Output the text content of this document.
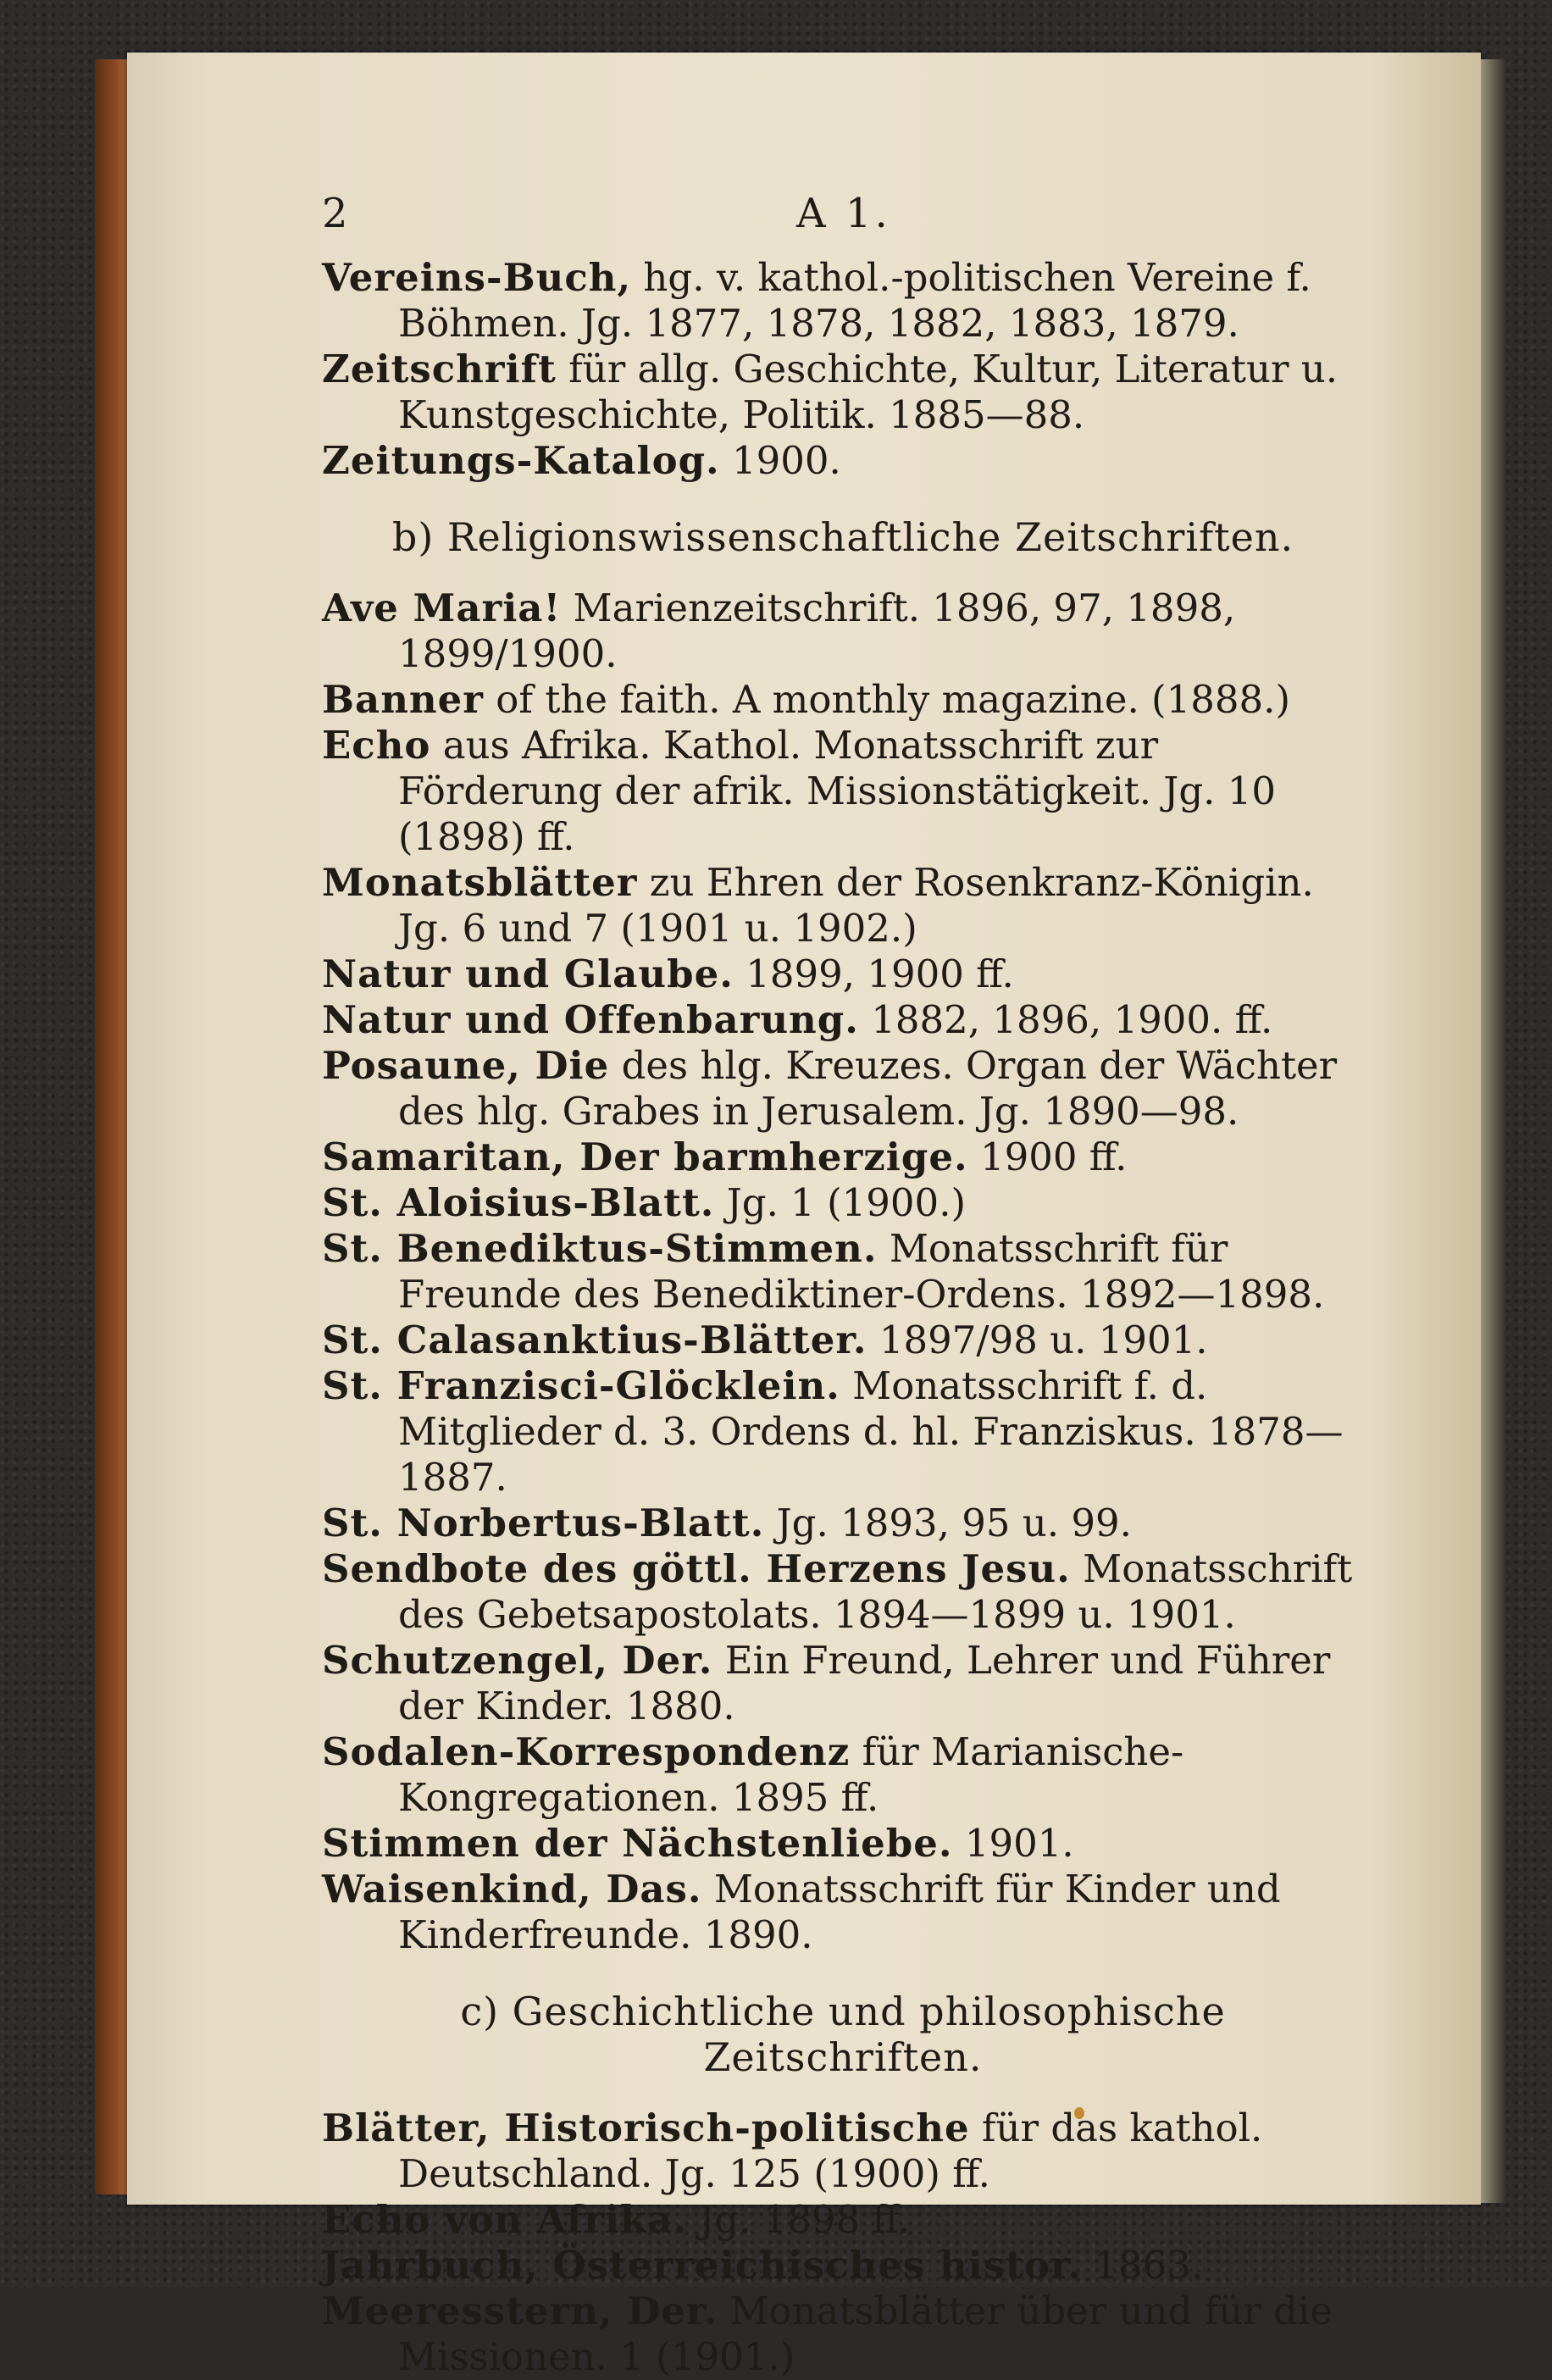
2	A 1.

Vereins-Buch, hg. v. kathol.-politischen Vereine f. Böhmen. Jg. 1877, 1878, 1882, 1883, 1879.

Zeitschrift für allg. Geschichte, Kultur, Literatur u. Kunstgeschichte, Politik. 1885—88.

Zeitungs-Katalog. 1900.

b) Religionswissenschaftliche Zeitschriften.

Ave Maria! Marienzeitschrift. 1896, 97, 1898, 1899/1900.

Banner of the faith. A monthly magazine. (1888.)

Echo aus Afrika. Kathol. Monatsschrift zur Förderung der afrik. Missionstätigkeit. Jg. 10 (1898) ff.

Monatsblätter zu Ehren der Rosenkranz-Königin. Jg. 6 und 7 (1901 u. 1902.)

Natur und Glaube. 1899, 1900 ff.

Natur und Offenbarung. 1882, 1896, 1900. ff.

Posaune, Die des hlg. Kreuzes. Organ der Wächter des hlg. Grabes in Jerusalem. Jg. 1890—98.

Samaritan, Der barmherzige. 1900 ff.

St. Aloisius-Blatt. Jg. 1 (1900.)

St. Benediktus-Stimmen. Monatsschrift für Freunde des Benediktiner-Ordens. 1892—1898.

St. Calasanktius-Blätter. 1897/98 u. 1901.

St. Franzisci-Glöcklein. Monatsschrift f. d. Mitglieder d. 3. Ordens d. hl. Franziskus. 1878—1887.

St. Norbertus-Blatt. Jg. 1893, 95 u. 99.

Sendbote des göttl. Herzens Jesu. Monatsschrift des Gebetsapostolats. 1894—1899 u. 1901.

Schutzengel, Der. Ein Freund, Lehrer und Führer der Kinder. 1880.

Sodalen-Korrespondenz für Marianische-Kongregationen. 1895 ff.

Stimmen der Nächstenliebe. 1901.

Waisenkind, Das. Monatsschrift für Kinder und Kinderfreunde. 1890.

c) Geschichtliche und philosophische Zeitschriften.

Blätter, Historisch-politische für das kathol. Deutschland. Jg. 125 (1900) ff.

Echo von Afrika. Jg. 1898 ff.

Jahrbuch, Österreichisches histor. 1863.

Meeresstern, Der. Monatsblätter über und für die Missionen. 1 (1901.)
